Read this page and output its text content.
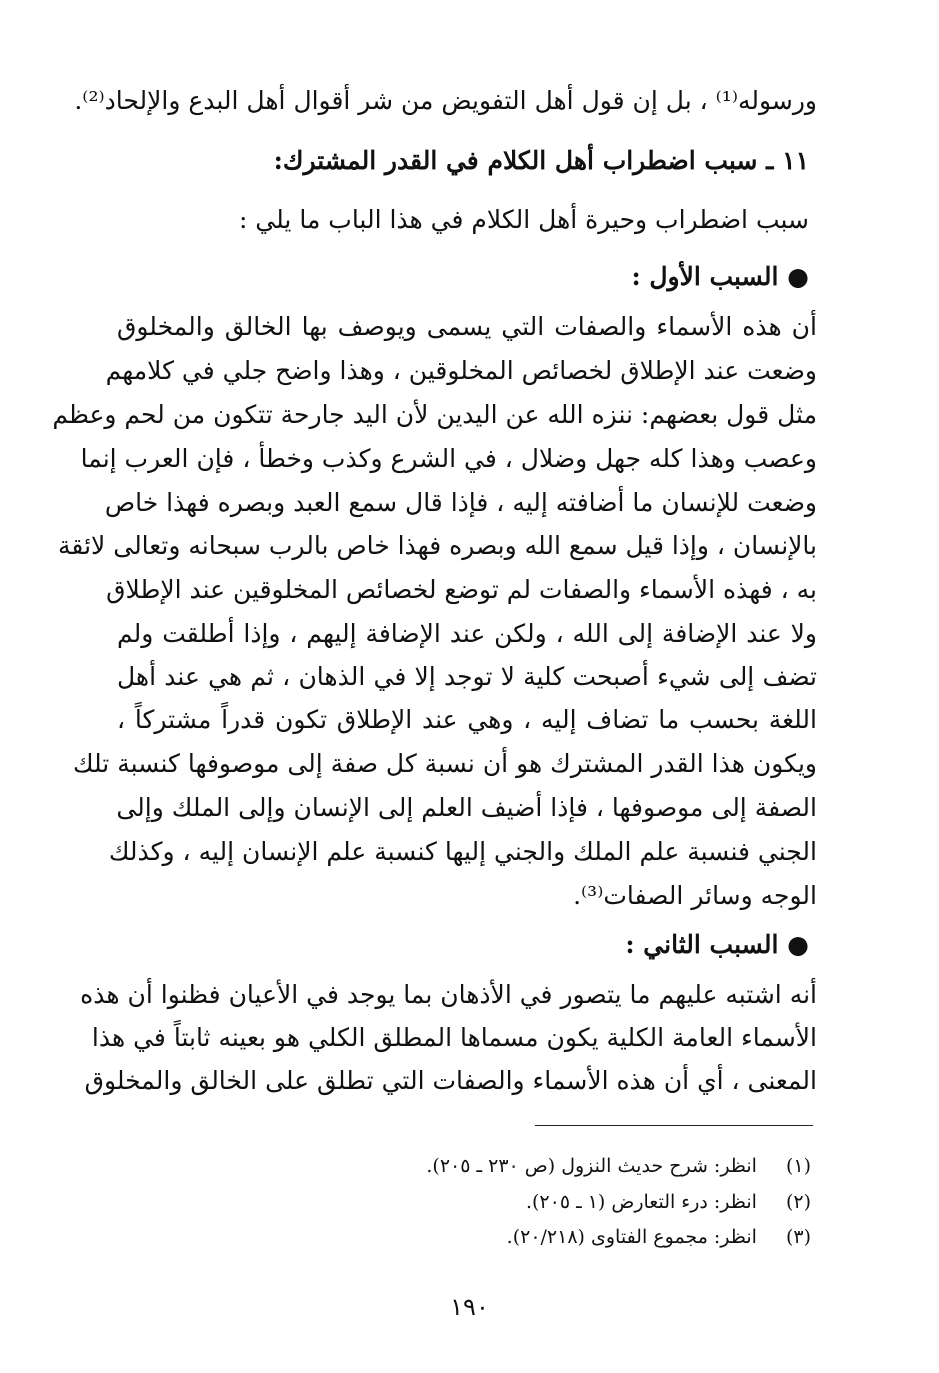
ورسوله⁽¹⁾ ، بل إن قول أهل التفويض من شر أقوال أهل البدع والإلحاد⁽²⁾.
١١ ـ سبب اضطراب أهل الكلام في القدر المشترك:
سبب اضطراب وحيرة أهل الكلام في هذا الباب ما يلي :
● السبب الأول :
أن هذه الأسماء والصفات التي يسمى ويوصف بها الخالق والمخلوق
وضعت عند الإطلاق لخصائص المخلوقين ، وهذا واضح جلي في كلامهم
مثل قول بعضهم: ننزه الله عن اليدين لأن اليد جارحة تتكون من لحم وعظم
وعصب وهذا كله جهل وضلال ، في الشرع وكذب وخطأ ، فإن العرب إنما
وضعت للإنسان ما أضافته إليه ، فإذا قال سمع العبد وبصره فهذا خاص
بالإنسان ، وإذا قيل سمع الله وبصره فهذا خاص بالرب سبحانه وتعالى لائقة
به ، فهذه الأسماء والصفات لم توضع لخصائص المخلوقين عند الإطلاق
ولا عند الإضافة إلى الله ، ولكن عند الإضافة إليهم ، وإذا أطلقت ولم
تضف إلى شيء أصبحت كلية لا توجد إلا في الذهان ، ثم هي عند أهل
اللغة بحسب ما تضاف إليه ، وهي عند الإطلاق تكون قدراً مشتركاً ،
ويكون هذا القدر المشترك هو أن نسبة كل صفة إلى موصوفها كنسبة تلك
الصفة إلى موصوفها ، فإذا أضيف العلم إلى الإنسان وإلى الملك وإلى
الجني فنسبة علم الملك والجني إليها كنسبة علم الإنسان إليه ، وكذلك
الوجه وسائر الصفات⁽³⁾.
● السبب الثاني :
أنه اشتبه عليهم ما يتصور في الأذهان بما يوجد في الأعيان فظنوا أن هذه
الأسماء العامة الكلية يكون مسماها المطلق الكلي هو بعينه ثابتاً في هذا
المعنى ، أي أن هذه الأسماء والصفات التي تطلق على الخالق والمخلوق
(١) انظر: شرح حديث النزول (ص ٢٣٠ ـ ٢٠٥).
(٢) انظر: درء التعارض (١ ـ ٢٠٥).
(٣) انظر: مجموع الفتاوى (٢٠/٢١٨).
١٩٠
